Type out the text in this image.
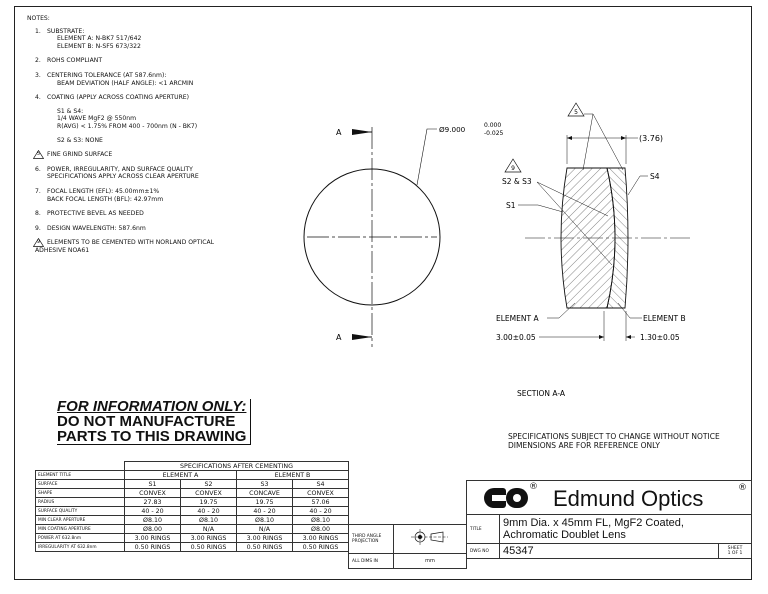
NOTES:
1. SUBSTRATE:
ELEMENT A: N-BK7 517/642
ELEMENT B: N-SF5 673/322
2. ROHS COMPLIANT
3. CENTERING TOLERANCE (AT 587.6nm):
BEAM DEVIATION (HALF ANGLE): <1 ARCMIN
4. COATING (APPLY ACROSS COATING APERTURE)
S1 & S4:
1/4 WAVE MgF2 @ 550nm
R(AVG) < 1.75% FROM 400 - 700nm (N - BK7)
S2 & S3: NONE
5	FINE GRIND SURFACE
6. POWER, IRREGULARITY, AND SURFACE QUALITY
SPECIFICATIONS APPLY ACROSS CLEAR APERTURE
7. FOCAL LENGTH (EFL): 45.00mm±1%
BACK FOCAL LENGTH (BFL): 42.97mm
8. PROTECTIVE BEVEL AS NEEDED
9. DESIGN WAVELENGTH: 587.6nm
9	ELEMENTS TO BE CEMENTED WITH NORLAND OPTICAL
ADHESIVE NOA61
FOR INFORMATION ONLY:
DO NOT MANUFACTURE
PARTS TO THIS DRAWING
A
A
Ø9.000	0.000
-0.025
(3.76)
5
9
S2 & S3
S1
S4
ELEMENT A	ELEMENT B
3.00±0.05	1.30±0.05
SECTION A-A
SPECIFICATIONS SUBJECT TO CHANGE WITHOUT NOTICE
DIMENSIONS ARE FOR REFERENCE ONLY
	SPECIFICATIONS AFTER CEMENTING			
ELEMENT TITLE	ELEMENT A		ELEMENT B	
SURFACE	S1	S2	S3	S4
SHAPE	CONVEX	CONVEX	CONCAVE	CONVEX
RADIUS	27.83	19.75	19.75	57.06
SURFACE QUALITY	40 - 20	40 - 20	40 - 20	40 - 20
MIN CLEAR APERTURE	Ø8.10	Ø8.10	Ø8.10	Ø8.10
MIN COATING APERTURE	Ø8.00	N/A	N/A	Ø8.00
POWER AT 632.8nm	3.00 RINGS	3.00 RINGS	3.00 RINGS	3.00 RINGS
IRREGULARITY AT 632.8nm	0.50 RINGS	0.50 RINGS	0.50 RINGS	0.50 RINGS
THIRD ANGLE PROJECTION	
ALL DIMS IN	mm
® Edmund Optics ®		

TITLE	9mm Dia. x 45mm FL, MgF2 Coated,
Achromatic Doublet Lens	

DWG NO	45347	SHEET
1 OF 1
